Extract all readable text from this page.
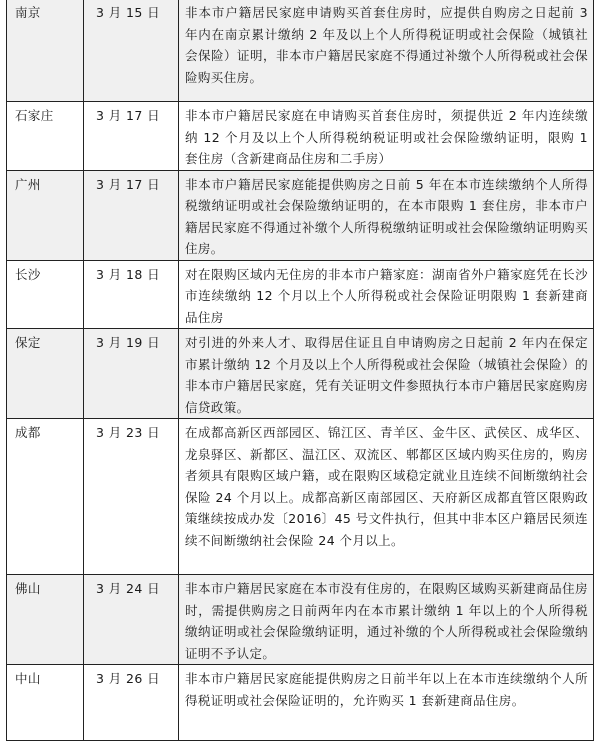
南京	3 月 15 日	非本市户籍居民家庭申请购买首套住房时，应提供自购房之日起前 3 年内在南京累计缴纳 2 年及以上个人所得税证明或社会保险（城镇社会保险）证明，非本市户籍居民家庭不得通过补缴个人所得税或社会保险购买住房。
石家庄	3 月 17 日	非本市户籍居民家庭在申请购买首套住房时，须提供近 2 年内连续缴纳 12 个月及以上个人所得税纳税证明或社会保险缴纳证明，限购 1 套住房（含新建商品住房和二手房）
广州	3 月 17 日	非本市户籍居民家庭能提供购房之日前 5 年在本市连续缴纳个人所得税缴纳证明或社会保险缴纳证明的，在本市限购 1 套住房，非本市户籍居民家庭不得通过补缴个人所得税缴纳证明或社会保险缴纳证明购买住房。
长沙	3 月 18 日	对在限购区域内无住房的非本市户籍家庭：湖南省外户籍家庭凭在长沙市连续缴纳 12 个月以上个人所得税或社会保险证明限购 1 套新建商品住房
保定	3 月 19 日	对引进的外来人才、取得居住证且自申请购房之日起前 2 年内在保定市累计缴纳 12 个月及以上个人所得税或社会保险（城镇社会保险）的非本市户籍居民家庭，凭有关证明文件参照执行本市户籍居民家庭购房信贷政策。
成都	3 月 23 日	在成都高新区西部园区、锦江区、青羊区、金牛区、武侯区、成华区、龙泉驿区、新都区、温江区、双流区、郫都区区域内购买住房的，购房者须具有限购区域户籍，或在限购区域稳定就业且连续不间断缴纳社会保险 24 个月以上。成都高新区南部园区、天府新区成都直管区限购政策继续按成办发〔2016〕45 号文件执行，但其中非本区户籍居民须连续不间断缴纳社会保险 24 个月以上。
佛山	3 月 24 日	非本市户籍居民家庭在本市没有住房的，在限购区域购买新建商品住房时，需提供购房之日前两年内在本市累计缴纳 1 年以上的个人所得税缴纳证明或社会保险缴纳证明，通过补缴的个人所得税或社会保险缴纳证明不予认定。
中山	3 月 26 日	非本市户籍居民家庭能提供购房之日前半年以上在本市连续缴纳个人所得税证明或社会保险证明的，允许购买 1 套新建商品住房。
